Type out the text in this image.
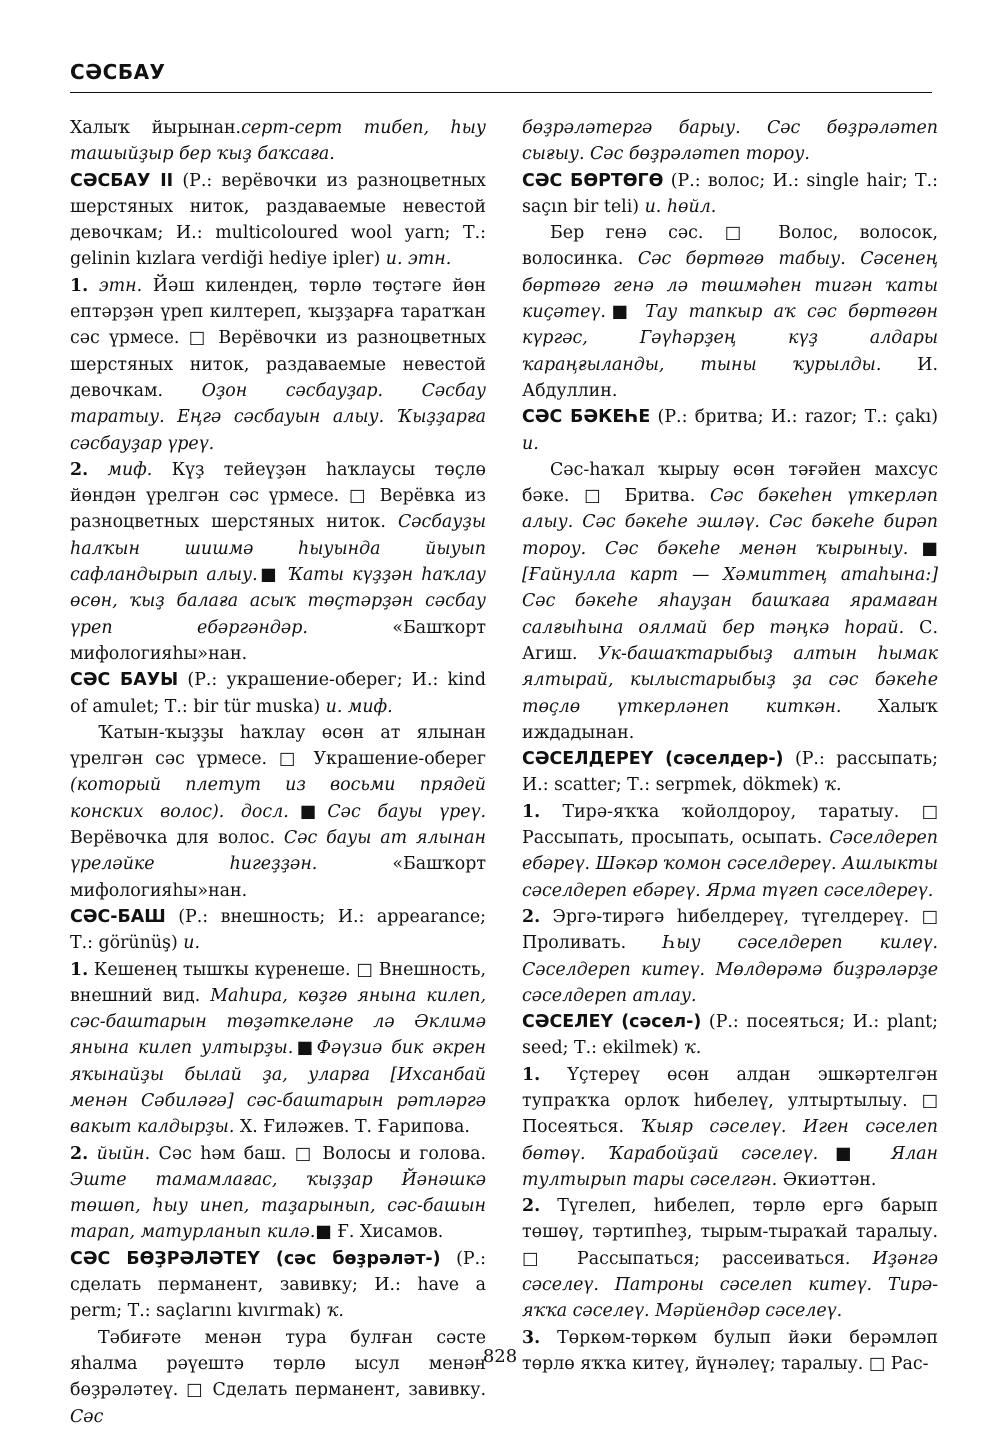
СӘСБАУ

Халыҡ йырынан.серт-серт тибеп, һыу ташыйҙыр бер ҡыҙ баҡсаға.

СӘСБАУ II (Р.: верёвочки из разноцветных шерстяных ниток, раздаваемые невестой девочкам; И.: multicoloured wool yarn; Т.: gelinin kızlara verdiği hediye ipler) и. этн.

1. этн. Йәш килендең, төрлө төҫтәге йөн ептәрҙән үреп килтереп, ҡыҙҙарға таратҡан сәс үрмесе. □ Верёвочки из разноцветных шерстяных ниток, раздаваемые невестой девочкам. Оҙон сәсбауҙар. Сәсбау таратыу. Еңгә сәсбауын алыу. Ҡыҙҙарға сәсбауҙар үреү.

2. миф. Күҙ тейеүҙән һаҡлаусы төҫлө йөндән үрелгән сәс үрмесе. □ Верёвка из разноцветных шерстяных ниток. Сәсбауҙы һалҡын шишмә һыуында йыуып сафландырып алыу.■ Ҡаты күҙҙән һаҡлау өсөн, ҡыҙ балаға асыҡ төҫтәрҙән сәсбау үреп ебәргәндәр. «Башҡорт мифологияһы»нан.

СӘС БАУЫ (Р.: украшение-оберег; И.: kind of amulet; Т.: bir tür muska) и. миф.

Ҡатын-ҡыҙҙы һаҡлау өсөн ат ялынан үрелгән сәс үрмесе. □ Украшение-оберег (который плетут из восьми прядей конских волос). досл.■Сәс бауы үреү. Верёвочка для волос. Сәс бауы ат ялынан үреләйке һигеҙҙән. «Башҡорт мифологияһы»нан.

СӘС-БАШ (Р.: внешность; И.: appearance; Т.: görünüş) и.

1. Кешенең тышҡы күренеше. □ Внешность, внешний вид. Маһира, көҙгө янына килеп, сәс-баштарын төҙәткеләне лә Әклимә янына килеп ултырҙы.■Фәүзиә бик әкрен яҡынайҙы былай ҙа, уларға [Ихсанбай менән Сәбиләгә] сәс-баштарын рәтләргә вакыт калдырҙы. Х. Ғиләжев. Т. Ғарипова.

2. йыйн. Сәс һәм баш. □ Волосы и голова. Эште тамамлағас, ҡыҙҙар Йәнәшкә төшөп, һыу инеп, таҙарынып, сәс-башын тарап, матурланып килә.■ Ғ. Хисамов.

СӘС БӨҘРӘЛӘТЕҮ (сәс бөҙрәләт-) (Р.: сделать перманент, завивку; И.: have a perm; Т.: saçlarını kıvırmak) ҡ.

Тәбиғәте менән тура булған сәсте яһалма рәүештә төрлө ысул менән бөҙрәләтеү. □ Сделать перманент, завивку. Сәс

бөҙрәләтергә барыу. Сәс бөҙрәләтеп сығыу. Сәс бөҙрәләтеп тороу.

СӘС БӨРТӨГӨ (Р.: волос; И.: single hair; Т.: saçın bir teli) и. һөйл.

Бер генә сәс. □ Волос, волосок, волосинка. Сәс бөртөгө табыу. Сәсенең бөртөгө генә лә төшмәһен тигән ҡаты киҫәтеү.■ Тау тапкыр аҡ сәс бөртөгөн күргәс, Гәүһәрҙең күҙ алдары ҡараңғыланды, тыны ҡурылды. И. Абдуллин.

СӘС БӘКЕҺЕ (Р.: бритва; И.: razor; Т.: çakı) и.

Сәс-һаҡал ҡырыу өсөн тәғәйен махсус бәке. □ Бритва. Сәс бәкеһен үткерләп алыу. Сәс бәкеһе эшләү. Сәс бәкеһе бирәп тороу. Сәс бәкеһе менән ҡырыныу.■ [Ғайнулла карт — Хәмиттең атаһына:] Сәс бәкеһе яһауҙан башҡаға ярамаған салғыһына оялмай бер тәңкә һорай. С. Агиш. Ук-башаҡтарыбыҙ алтын һымак ялтырай, кылыстарыбыҙ ҙа сәс бәкеһе төҫлө үткерләнеп киткән. Халыҡ иждадынан.

СӘСЕЛДЕРЕҮ (сәселдер-) (Р.: рассыпать; И.: scatter; Т.: serpmek, dökmek) ҡ.

1. Тирә-яҡҡа ҡойолдороу, таратыу. □ Рассыпать, просыпать, осыпать. Сәселдереп ебәреү. Шәкәр ҡомон сәселдереү. Ашлыкты сәселдереп ебәреү. Ярма түгеп сәселдереү.

2. Эргә-тирәгә һибелдереү, түгелдереү. □ Проливать. Һыу сәселдереп килеү. Сәселдереп китеү. Мөлдөрәмә биҙрәләрҙе сәселдереп атлау.

СӘСЕЛЕҮ (сәсел-) (Р.: посеяться; И.: plant; seed; Т.: ekilmek) ҡ.

1. Үҫтереү өсөн алдан эшкәртелгән тупраҡҡа орлоҡ һибелеү, ултыртылыу. □ Посеяться. Ҡыяр сәселеү. Иген сәселеп бөтөү. Ҡарабойҙай сәселеү.■ Ялан тултырып тары сәселгән. Әкиәттән.

2. Түгелеп, һибелеп, төрлө ергә барып төшөү, тәртипһеҙ, тырым-тыраҡай таралыу. □ Рассыпаться; рассеиваться. Иҙәнгә сәселеү. Патроны сәселеп китеү. Тирә-яҡҡа сәселеү. Мәрйендәр сәселеү.

3. Төркөм-төркөм булып йәки берәмләп төрлө яҡҡа китеү, йүнәлеү; таралыу. □ Рас-

828
